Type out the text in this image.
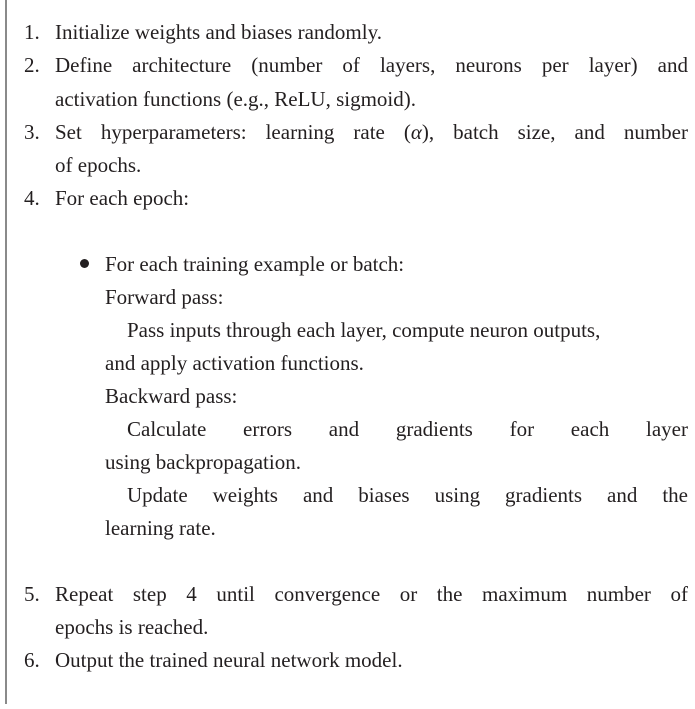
1. Initialize weights and biases randomly.
2. Define architecture (number of layers, neurons per layer) and
activation functions (e.g., ReLU, sigmoid).
3. Set hyperparameters: learning rate (α), batch size, and number
of epochs.
4. For each epoch:
For each training example or batch:
Forward pass:
Pass inputs through each layer, compute neuron outputs,
and apply activation functions.
Backward pass:
Calculate errors and gradients for each layer
using backpropagation.
Update weights and biases using gradients and the
learning rate.
5. Repeat step 4 until convergence or the maximum number of
epochs is reached.
6. Output the trained neural network model.
